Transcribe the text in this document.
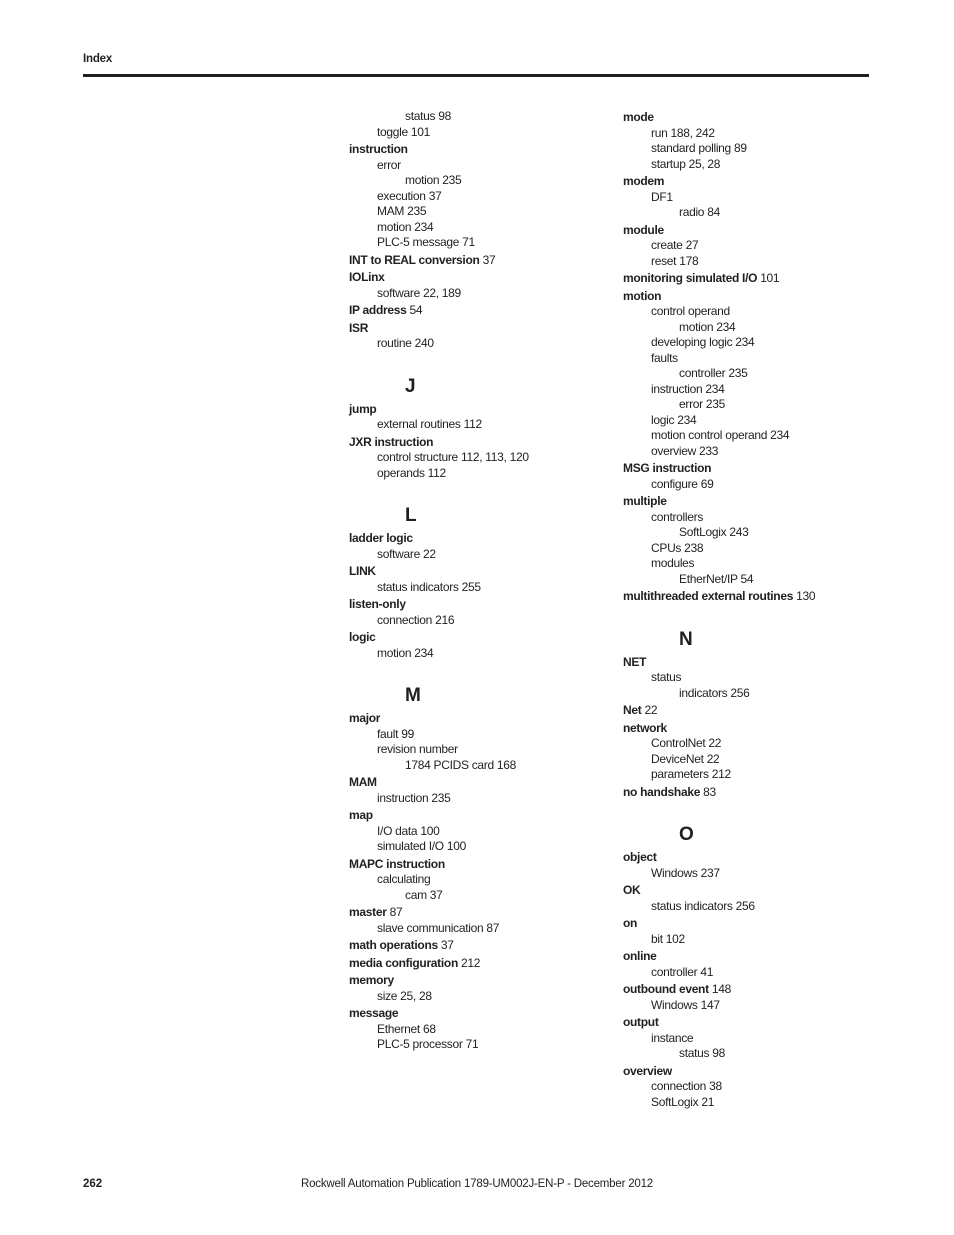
Index
status 98
toggle 101
instruction
error
motion 235
execution 37
MAM 235
motion 234
PLC-5 message 71
INT to REAL conversion 37
IOLinx
software 22, 189
IP address 54
ISR
routine 240
J
jump
external routines 112
JXR instruction
control structure 112, 113, 120
operands 112
L
ladder logic
software 22
LINK
status indicators 255
listen-only
connection 216
logic
motion 234
M
major
fault 99
revision number
1784 PCIDS card 168
MAM
instruction 235
map
I/O data 100
simulated I/O 100
MAPC instruction
calculating
cam 37
master 87
slave communication 87
math operations 37
media configuration 212
memory
size 25, 28
message
Ethernet 68
PLC-5 processor 71
mode
run 188, 242
standard polling 89
startup 25, 28
modem
DF1
radio 84
module
create 27
reset 178
monitoring simulated I/O 101
motion
control operand
motion 234
developing logic 234
faults
controller 235
instruction 234
error 235
logic 234
motion control operand 234
overview 233
MSG instruction
configure 69
multiple
controllers
SoftLogix 243
CPUs 238
modules
EtherNet/IP 54
multithreaded external routines 130
N
NET
status
indicators 256
Net 22
network
ControlNet 22
DeviceNet 22
parameters 212
no handshake 83
O
object
Windows 237
OK
status indicators 256
on
bit 102
online
controller 41
outbound event 148
Windows 147
output
instance
status 98
overview
connection 38
SoftLogix 21
262	Rockwell Automation Publication 1789-UM002J-EN-P - December 2012
